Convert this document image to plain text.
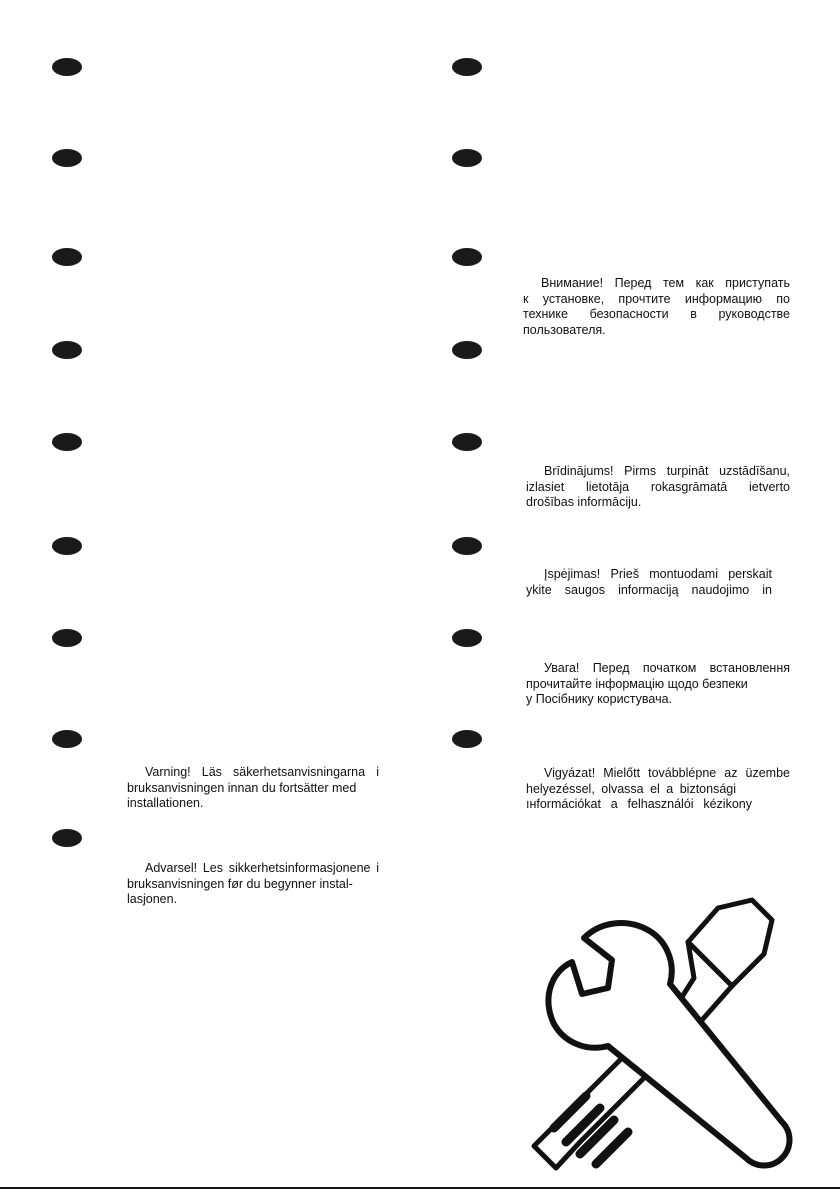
Внимание! Перед тем как приступать
к установке, прочтите информацию по
технике безопасности в руководстве
пользователя.
Brīdinājums! Pirms turpināt uzstādīšanu,
izlasiet lietotāja rokasgrāmatā ietverto
drošības informāciju.
Įspėjimas! Prieš montuodami perskait
ykite saugos informaciją naudojimo in
Увага! Перед початком встановлення
прочитайте інформацію щодо безпеки
у Посібнику користувача.
Vigyázat! Mielőtt továbblépne az üzembe
helyezéssel, olvassa el a biztonsági
ıнformációkat a felhasználói kézikony
Varning! Läs säkerhetsanvisningarna i
bruksanvisningen innan du fortsätter med
installationen.
Advarsel! Les sikkerhetsinformasjonene i
bruksanvisningen før du begynner instal-
lasjonen.
